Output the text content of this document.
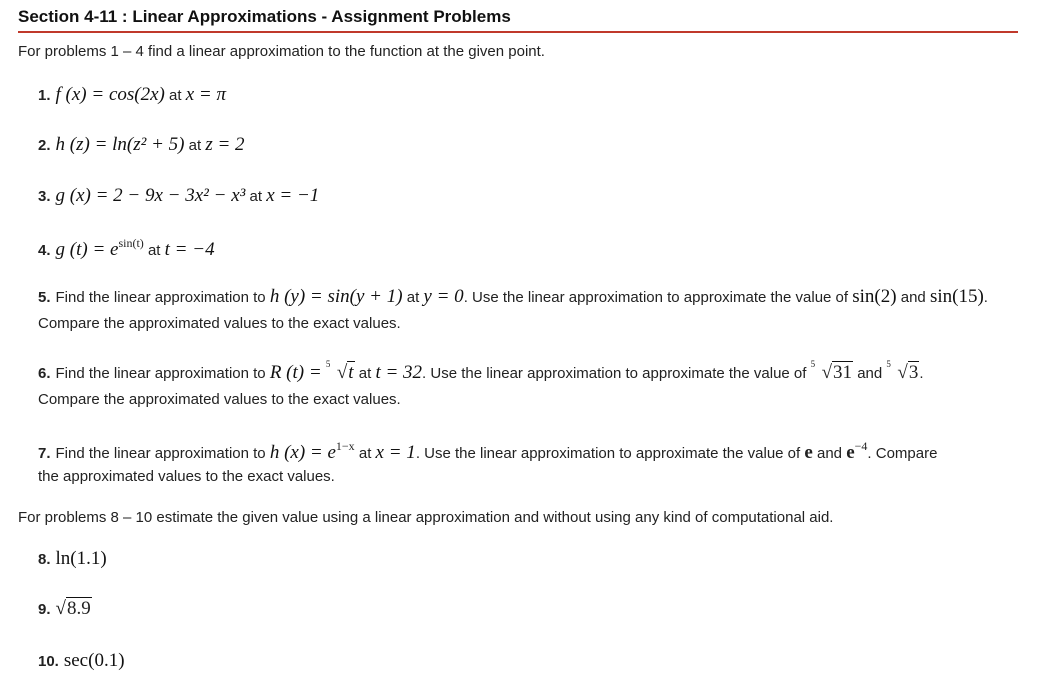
Section 4-11 : Linear Approximations - Assignment Problems
For problems 1 – 4 find a linear approximation to the function at the given point.
1. f (x) = cos(2x) at x = π
2. h (z) = ln(z² + 5) at z = 2
3. g (x) = 2 − 9x − 3x² − x³ at x = −1
4. g $(t) = e^{sin(t)}$ at t = −4
5. Find the linear approximation to h (y) = sin(y + 1) at y = 0. Use the linear approximation to approximate the value of sin(2) and sin(15). Compare the approximated values to the exact values.
6. Find the linear approximation to R (t) = 5 √t at t = 32. Use the linear approximation to approximate the value of
5 √31 and
5 √3.
Compare the approximated values to the exact values.
7. Find the linear approximation to h $(x) = e^{1-x}$ at x = 1. Use the linear approximation to approximate the value of e and $e^{-4}$. Compare
the approximated values to the exact values.
For problems 8 – 10 estimate the given value using a linear approximation and without using any kind of computational aid.
8. ln(1.1)
9. √8.9
10. sec(0.1)
